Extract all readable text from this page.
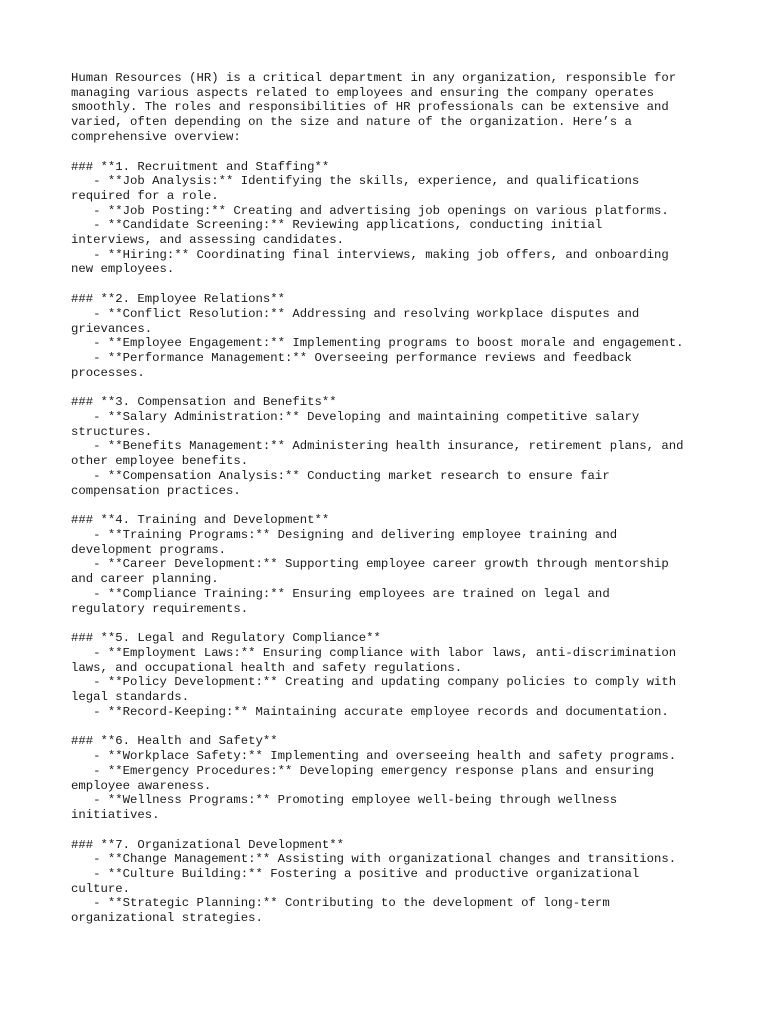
Human Resources (HR) is a critical department in any organization, responsible for
managing various aspects related to employees and ensuring the company operates
smoothly. The roles and responsibilities of HR professionals can be extensive and
varied, often depending on the size and nature of the organization. Here’s a
comprehensive overview:
### **1. Recruitment and Staffing**
- **Job Analysis:** Identifying the skills, experience, and qualifications
required for a role.
- **Job Posting:** Creating and advertising job openings on various platforms.
- **Candidate Screening:** Reviewing applications, conducting initial
interviews, and assessing candidates.
- **Hiring:** Coordinating final interviews, making job offers, and onboarding
new employees.
### **2. Employee Relations**
- **Conflict Resolution:** Addressing and resolving workplace disputes and
grievances.
- **Employee Engagement:** Implementing programs to boost morale and engagement.
- **Performance Management:** Overseeing performance reviews and feedback
processes.
### **3. Compensation and Benefits**
- **Salary Administration:** Developing and maintaining competitive salary
structures.
- **Benefits Management:** Administering health insurance, retirement plans, and
other employee benefits.
- **Compensation Analysis:** Conducting market research to ensure fair
compensation practices.
### **4. Training and Development**
- **Training Programs:** Designing and delivering employee training and
development programs.
- **Career Development:** Supporting employee career growth through mentorship
and career planning.
- **Compliance Training:** Ensuring employees are trained on legal and
regulatory requirements.
### **5. Legal and Regulatory Compliance**
- **Employment Laws:** Ensuring compliance with labor laws, anti-discrimination
laws, and occupational health and safety regulations.
- **Policy Development:** Creating and updating company policies to comply with
legal standards.
- **Record-Keeping:** Maintaining accurate employee records and documentation.
### **6. Health and Safety**
- **Workplace Safety:** Implementing and overseeing health and safety programs.
- **Emergency Procedures:** Developing emergency response plans and ensuring
employee awareness.
- **Wellness Programs:** Promoting employee well-being through wellness
initiatives.
### **7. Organizational Development**
- **Change Management:** Assisting with organizational changes and transitions.
- **Culture Building:** Fostering a positive and productive organizational
culture.
- **Strategic Planning:** Contributing to the development of long-term
organizational strategies.
